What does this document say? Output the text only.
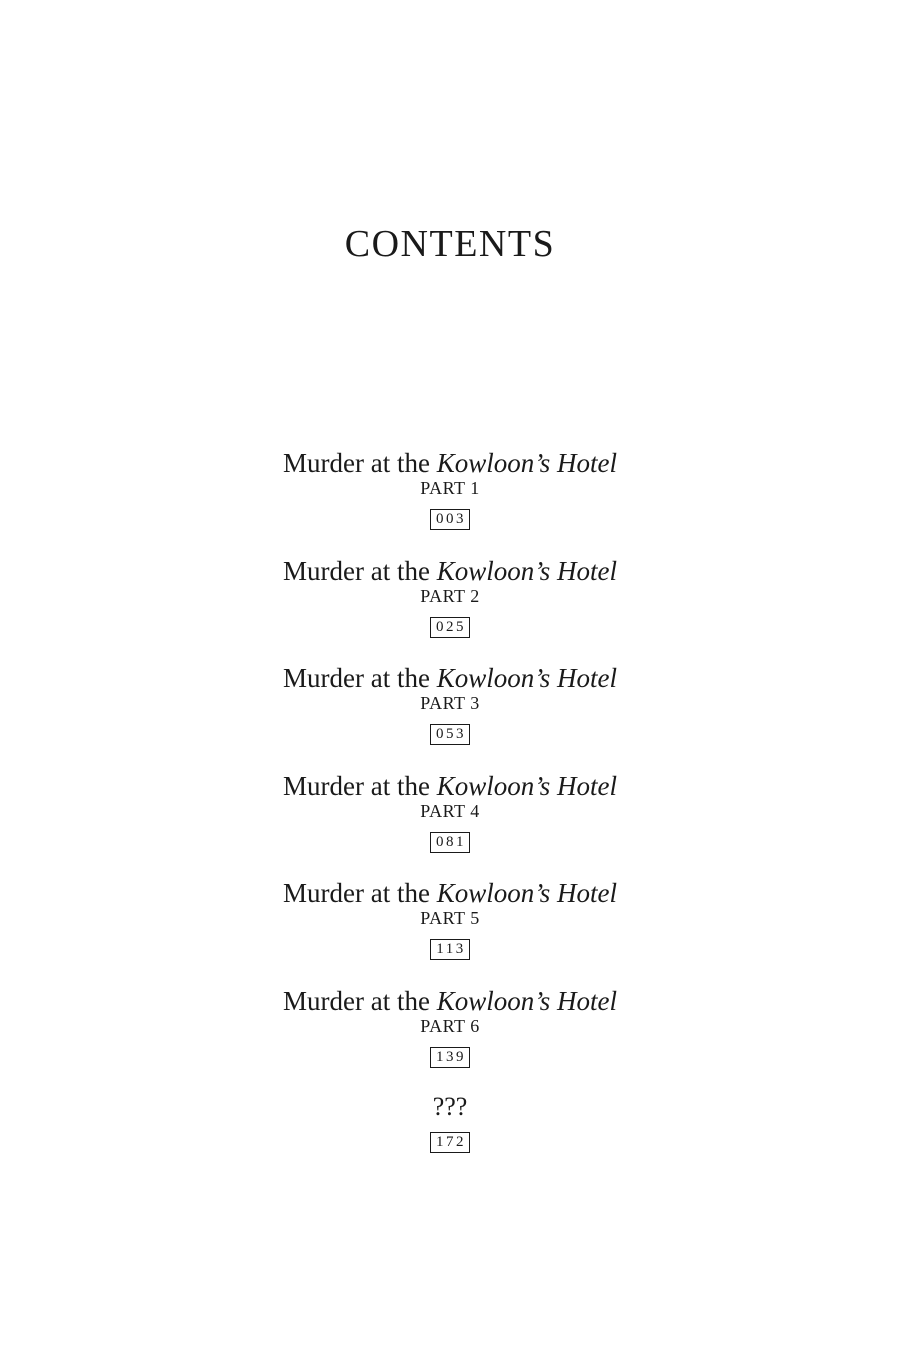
CONTENTS
Murder at the Kowloon’s Hotel
PART 1
003
Murder at the Kowloon’s Hotel
PART 2
025
Murder at the Kowloon’s Hotel
PART 3
053
Murder at the Kowloon’s Hotel
PART 4
081
Murder at the Kowloon’s Hotel
PART 5
113
Murder at the Kowloon’s Hotel
PART 6
139
???
172
